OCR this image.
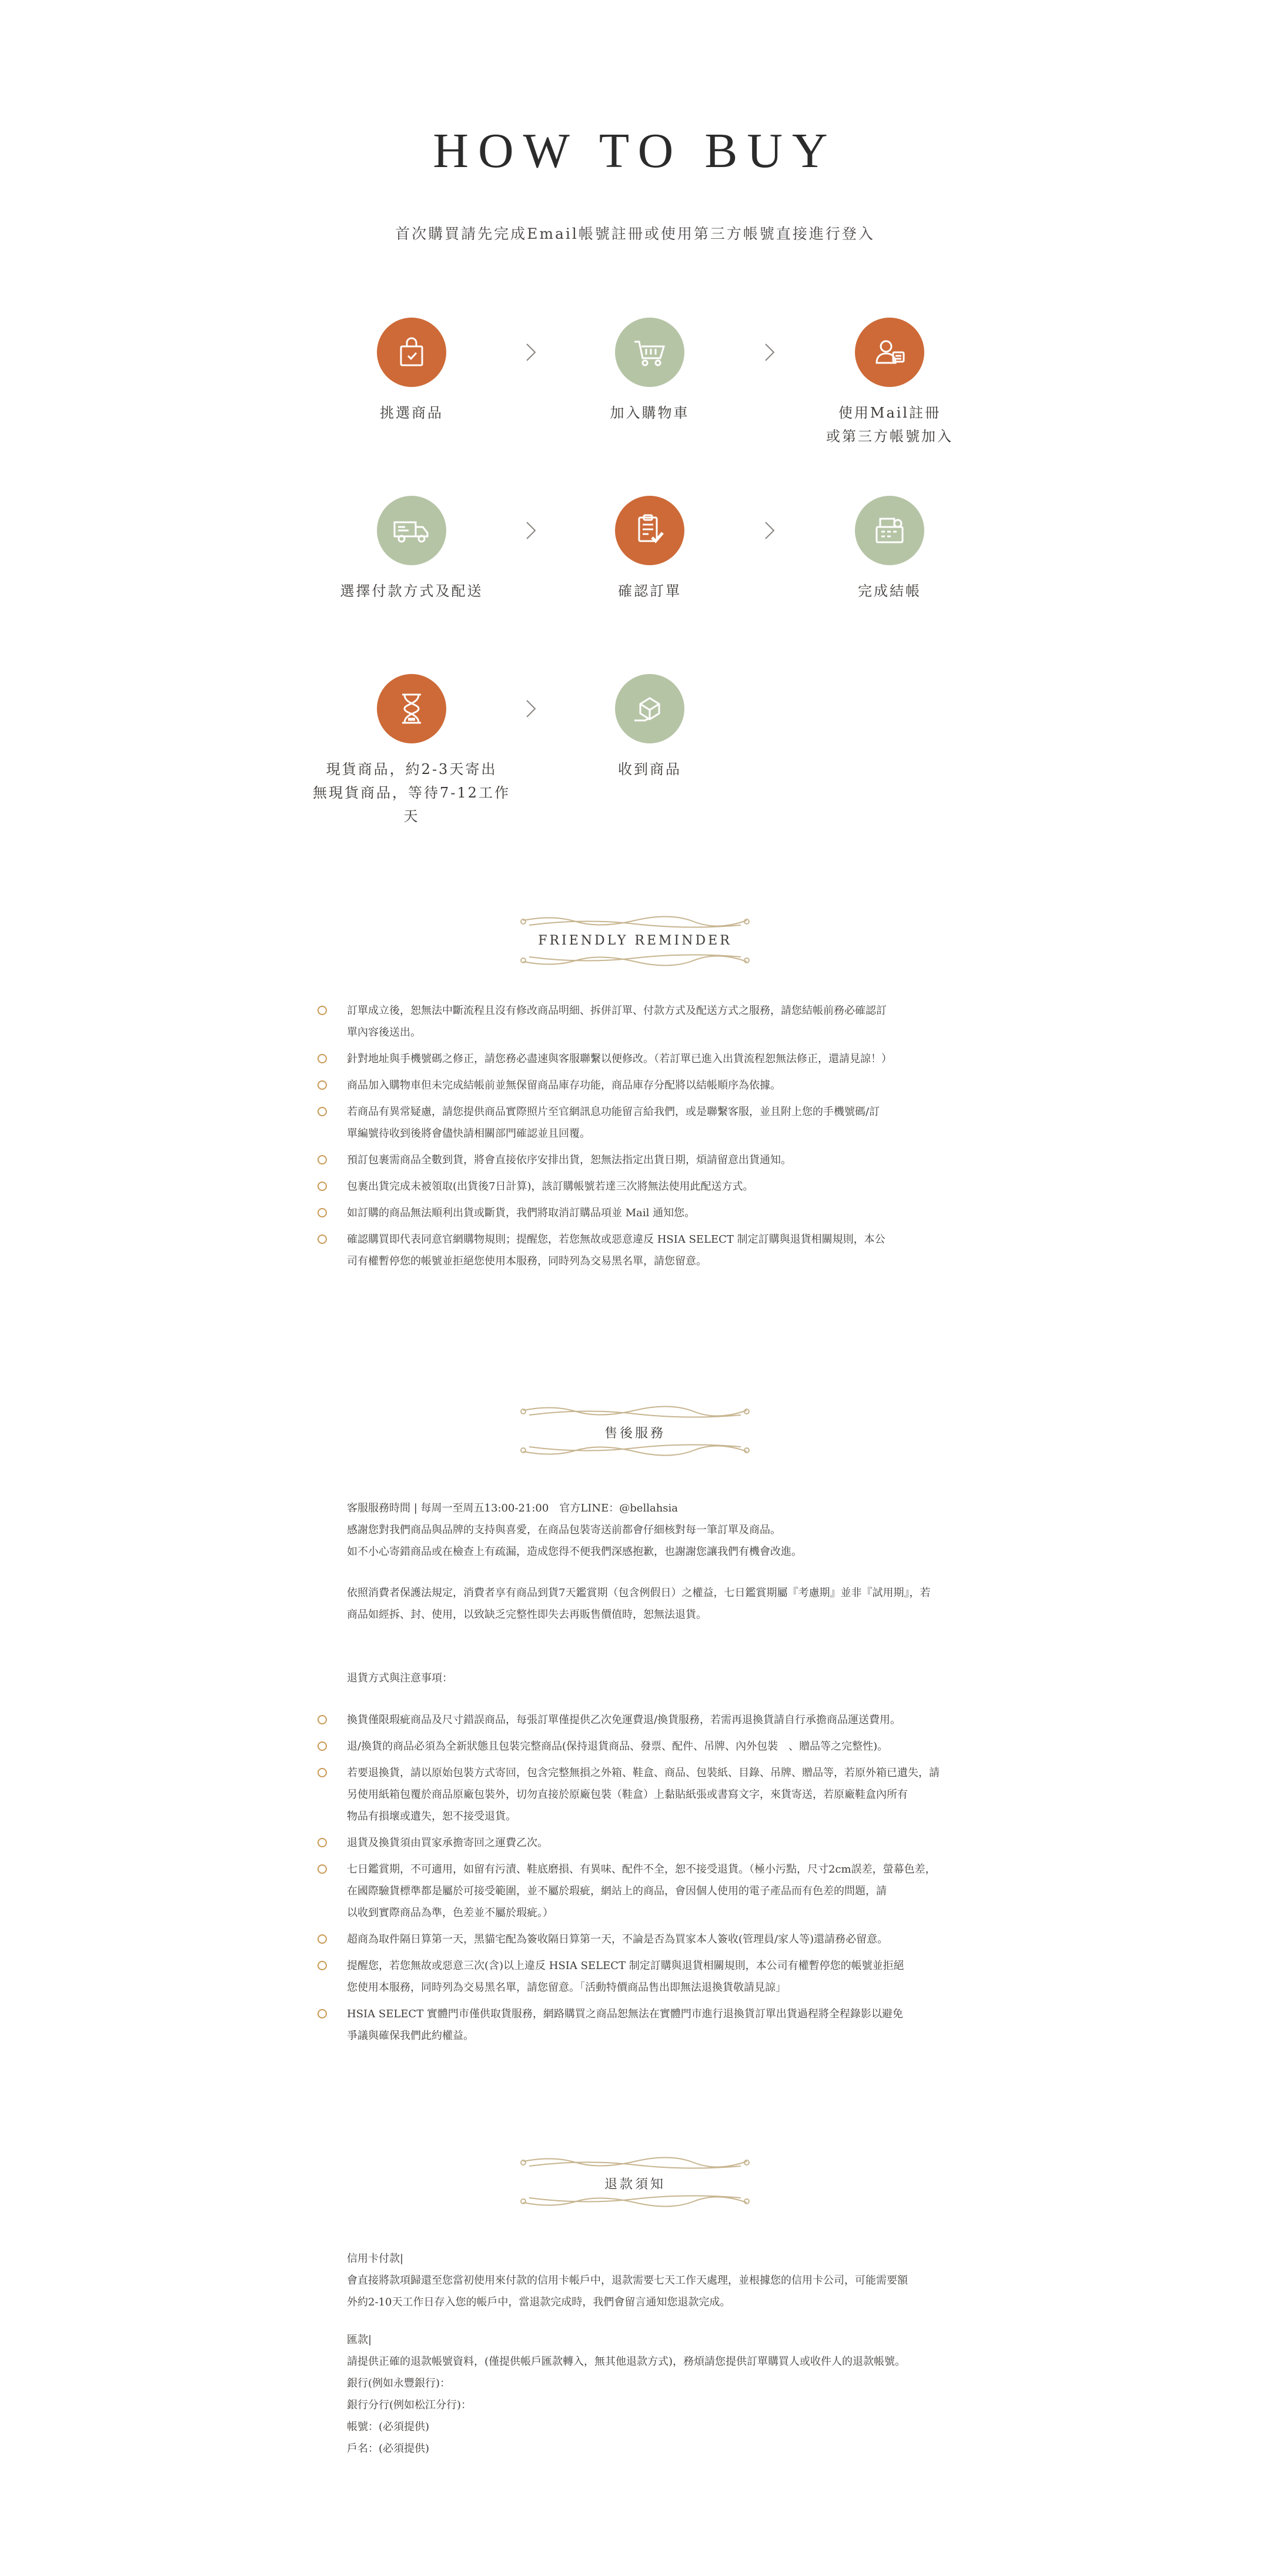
HOW TO BUY
首次購買請先完成Email帳號註冊或使用第三方帳號直接進行登入
挑選商品	加入購物車	使用Mail註冊
或第三方帳號加入
選擇付款方式及配送	確認訂單	完成結帳
現貨商品，約2-3天寄出
無現貨商品，等待7-12工作天
收到商品
FRIENDLY REMINDER
訂單成立後，恕無法中斷流程且沒有修改商品明細、拆併訂單、付款方式及配送方式之服務，請您結帳前務必確認訂
單內容後送出。
針對地址與手機號碼之修正，請您務必盡速與客服聯繫以便修改。（若訂單已進入出貨流程恕無法修正，還請見諒！）
商品加入購物車但未完成結帳前並無保留商品庫存功能，商品庫存分配將以結帳順序為依據。
若商品有異常疑慮，請您提供商品實際照片至官網訊息功能留言給我們，或是聯繫客服，並且附上您的手機號碼/訂
單編號待收到後將會儘快請相關部門確認並且回覆。
預訂包裹需商品全數到貨，將會直接依序安排出貨，恕無法指定出貨日期，煩請留意出貨通知。
包裹出貨完成未被領取(出貨後7日計算)，該訂購帳號若達三次將無法使用此配送方式。
如訂購的商品無法順利出貨或斷貨，我們將取消訂購品項並 Mail 通知您。
確認購買即代表同意官網購物規則；提醒您，若您無故或惡意違反 HSIA SELECT 制定訂購與退貨相關規則，本公
司有權暫停您的帳號並拒絕您使用本服務，同時列為交易黑名單，請您留意。
售後服務
客服服務時間 | 每周一至周五13:00-21:00　官方LINE：@bellahsia
感謝您對我們商品與品牌的支持與喜愛，在商品包裝寄送前都會仔細核對每一筆訂單及商品。
如不小心寄錯商品或在檢查上有疏漏，造成您得不便我們深感抱歉，也謝謝您讓我們有機會改進。
依照消費者保護法規定，消費者享有商品到貨7天鑑賞期（包含例假日）之權益，七日鑑賞期屬『考慮期』並非『試用期』，若
商品如經拆、封、使用，以致缺乏完整性即失去再販售價值時，恕無法退貨。
退貨方式與注意事項：
換貨僅限瑕疵商品及尺寸錯誤商品，每張訂單僅提供乙次免運費退/換貨服務，若需再退換貨請自行承擔商品運送費用。
退/換貨的商品必須為全新狀態且包裝完整商品(保持退貨商品、發票、配件、吊牌、內外包裝　、贈品等之完整性)。
若要退換貨，請以原始包裝方式寄回，包含完整無損之外箱、鞋盒、商品、包裝紙、目錄、吊牌、贈品等，若原外箱已遺失，請
另使用紙箱包覆於商品原廠包裝外，切勿直接於原廠包裝（鞋盒）上黏貼紙張或書寫文字，來貨寄送，若原廠鞋盒內所有
物品有損壞或遺失，恕不接受退貨。
退貨及換貨須由買家承擔寄回之運費乙次。
七日鑑賞期，不可適用，如留有污漬、鞋底磨損、有異味、配件不全，恕不接受退貨。（極小污點，尺寸2cm誤差，螢幕色差，
在國際驗貨標準都是屬於可接受範圍，並不屬於瑕疵，網站上的商品，會因個人使用的電子產品而有色差的問題，請
以收到實際商品為準，色差並不屬於瑕疵。）
超商為取件隔日算第一天，黑貓宅配為簽收隔日算第一天，不論是否為買家本人簽收(管理員/家人等)還請務必留意。
提醒您，若您無故或惡意三次(含)以上違反 HSIA SELECT 制定訂購與退貨相關規則，本公司有權暫停您的帳號並拒絕
您使用本服務，同時列為交易黑名單，請您留意。「活動特價商品售出即無法退換貨敬請見諒」
HSIA SELECT 實體門市僅供取貨服務，網路購買之商品恕無法在實體門市進行退換貨訂單出貨過程將全程錄影以避免
爭議與確保我們此約權益。
退款須知
信用卡付款|
會直接將款項歸還至您當初使用來付款的信用卡帳戶中，退款需要七天工作天處理，並根據您的信用卡公司，可能需要額
外約2-10天工作日存入您的帳戶中，當退款完成時，我們會留言通知您退款完成。
匯款|
請提供正確的退款帳號資料，(僅提供帳戶匯款轉入，無其他退款方式)，務煩請您提供訂單購買人或收件人的退款帳號。
銀行(例如永豐銀行)：
銀行分行(例如松江分行)：
帳號：(必須提供)
戶名：(必須提供)
